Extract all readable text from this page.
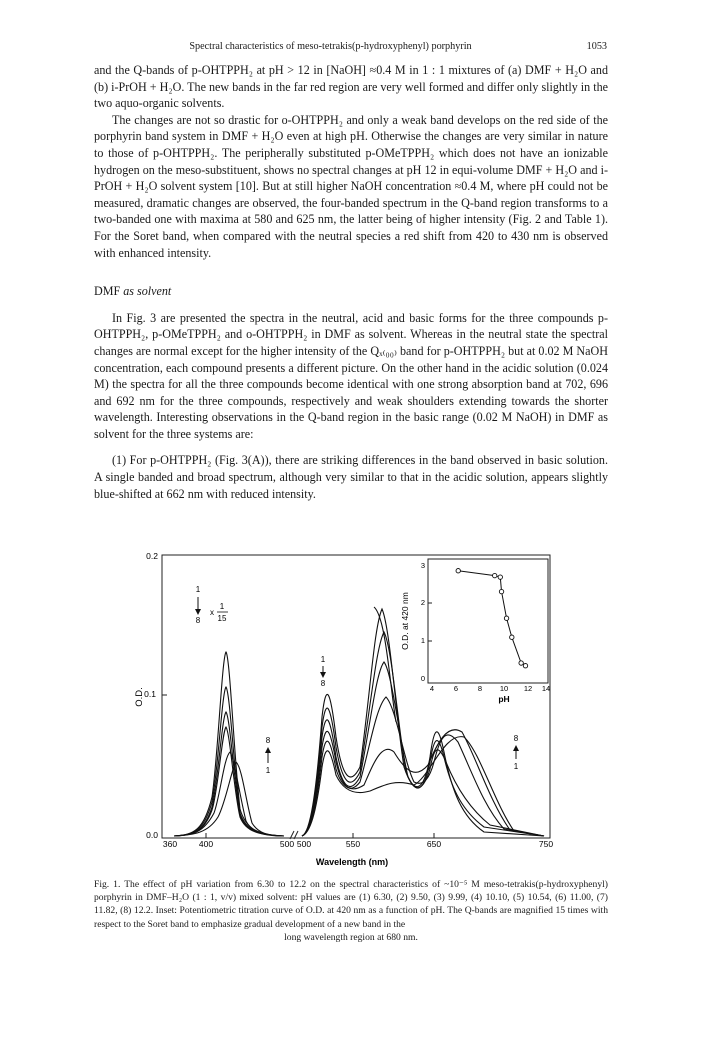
Spectral characteristics of meso-tetrakis(p-hydroxyphenyl) porphyrin	1053

and the Q-bands of p-OHTPPH₂ at pH > 12 in [NaOH] ≈0.4 M in 1 : 1 mixtures of (a) DMF + H₂O and (b) i-PrOH + H₂O. The new bands in the far red region are very well formed and differ only slightly in the two aquo-organic solvents.

The changes are not so drastic for o-OHTPPH₂ and only a weak band develops on the red side of the porphyrin band system in DMF + H₂O even at high pH. Otherwise the changes are very similar in nature to those of p-OHTPPH₂. The peripherally substituted p-OMeTPPH₂ which does not have an ionizable hydrogen on the meso-substituent, shows no spectral changes at pH 12 in equi-volume DMF + H₂O and i-PrOH + H₂O solvent system [10]. But at still higher NaOH concentration ≈0.4 M, where pH could not be measured, dramatic changes are observed, the four-banded spectrum in the Q-band region transforms to a two-banded one with maxima at 580 and 625 nm, the latter being of higher intensity (Fig. 2 and Table 1). For the Soret band, when compared with the neutral species a red shift from 420 to 430 nm is observed with enhanced intensity.

DMF as solvent

In Fig. 3 are presented the spectra in the neutral, acid and basic forms for the three compounds p-OHTPPH₂, p-OMeTPPH₂ and o-OHTPPH₂ in DMF as solvent. Whereas in the neutral state the spectral changes are normal except for the higher intensity of the Qₓ₍₀₀₎ band for p-OHTPPH₂ but at 0.02 M NaOH concentration, each compound presents a different picture. On the other hand in the acidic solution (0.024 M) the spectra for all the three compounds become identical with one strong absorption band at 702, 696 and 692 nm for the three compounds, respectively and weak shoulders extending towards the shorter wavelength. Interesting observations in the Q-band region in the basic range (0.02 M NaOH) in DMF as solvent for the three systems are:

(1) For p-OHTPPH₂ (Fig. 3(A)), there are striking differences in the band observed in basic solution. A single banded and broad spectrum, although very similar to that in the acidic solution, appears slightly blue-shifted at 662 nm with reduced intensity.

0.2
0.1
0.0
O.D.
360	400	500 500	550	650	750
Wavelength (nm)
1
8
x
1
15
8
1
1
8
8
1
O.D. at 420 nm
3
2
1
0
4	6	8 10 12 14
pH
Fig. 1. The effect of pH variation from 6.30 to 12.2 on the spectral characteristics of ~10⁻⁵ M meso-tetrakis(p-hydroxyphenyl) porphyrin in DMF–H₂O (1 : 1, v/v) mixed solvent: pH values are (1) 6.30, (2) 9.50, (3) 9.99, (4) 10.10, (5) 10.54, (6) 11.00, (7) 11.82, (8) 12.2. Inset: Potentiometric titration curve of O.D. at 420 nm as a function of pH. The Q-bands are magnified 15 times with respect to the Soret band to emphasize gradual development of a new band in the
long wavelength region at 680 nm.
